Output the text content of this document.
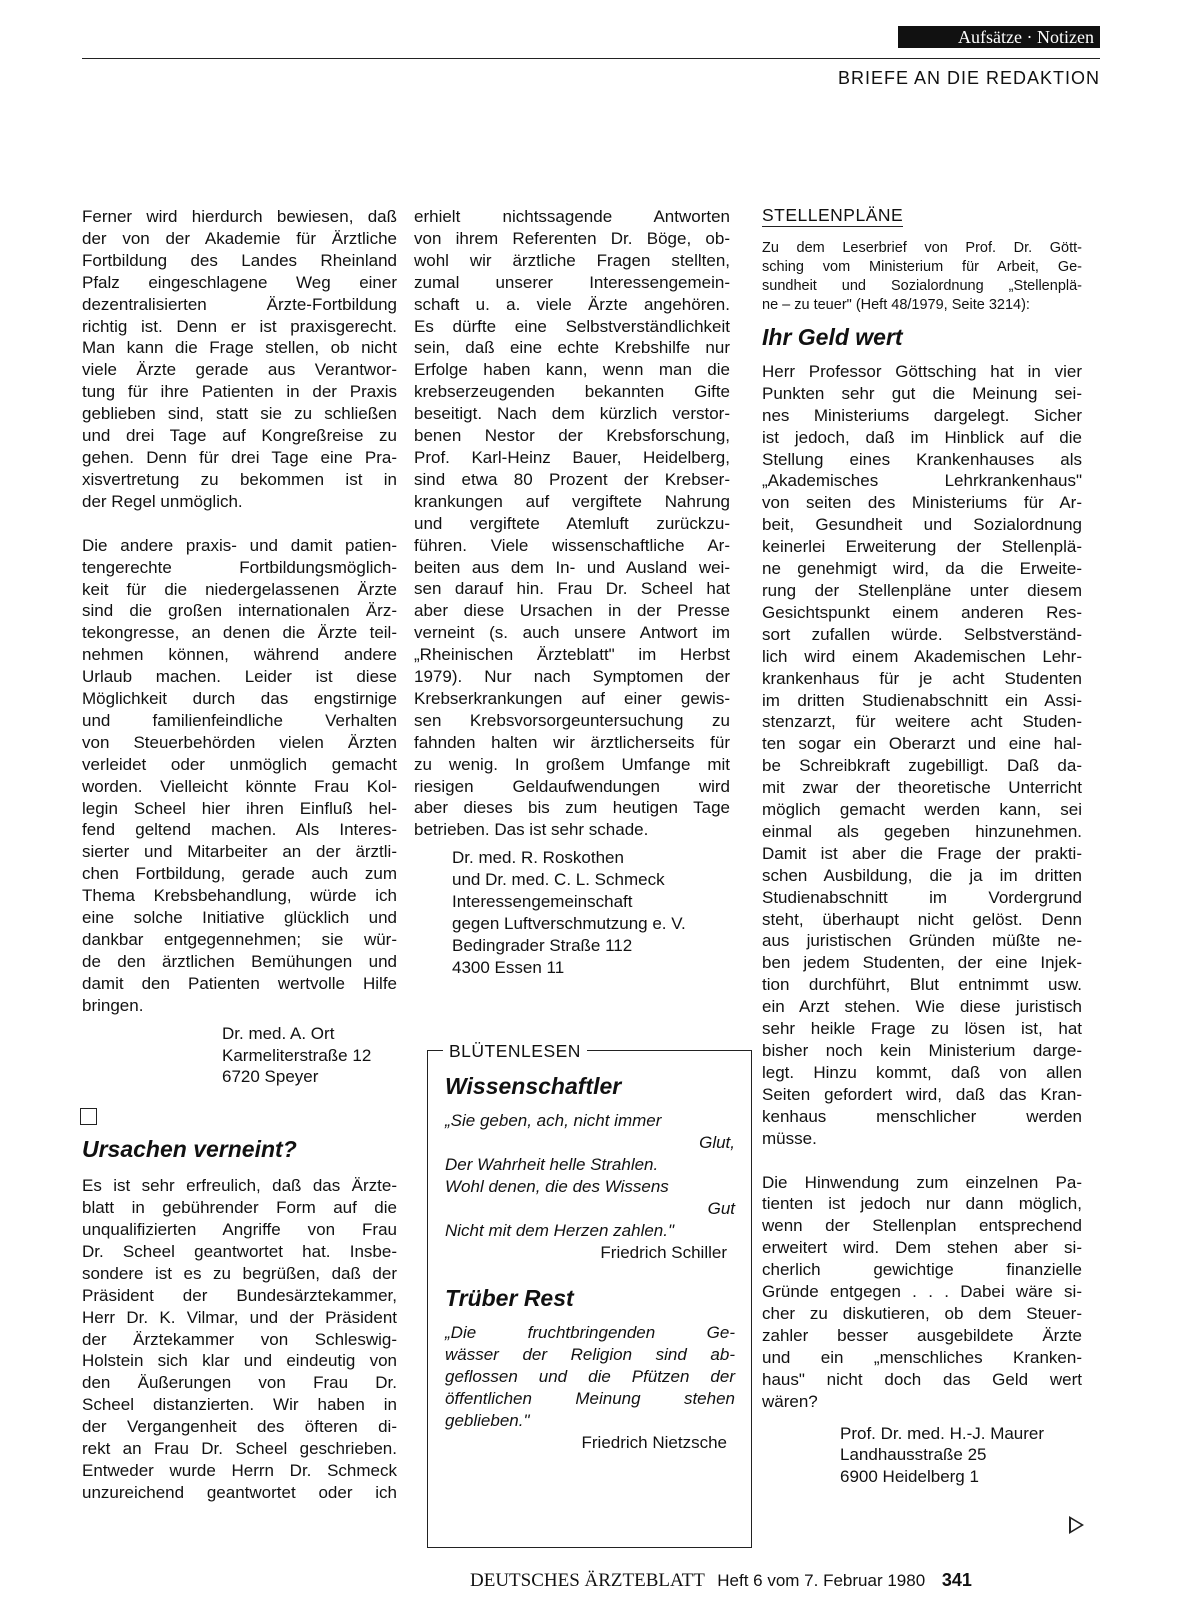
Aufsätze · Notizen
BRIEFE AN DIE REDAKTION
Ferner wird hierdurch bewiesen, daß
der von der Akademie für Ärztliche
Fortbildung des Landes Rheinland
Pfalz eingeschlagene Weg einer
dezentralisierten Ärzte-Fortbildung
richtig ist. Denn er ist praxisgerecht.
Man kann die Frage stellen, ob nicht
viele Ärzte gerade aus Verantwor-
tung für ihre Patienten in der Praxis
geblieben sind, statt sie zu schließen
und drei Tage auf Kongreßreise zu
gehen. Denn für drei Tage eine Pra-
xisvertretung zu bekommen ist in
der Regel unmöglich.
Die andere praxis- und damit patien-
tengerechte Fortbildungsmöglich-
keit für die niedergelassenen Ärzte
sind die großen internationalen Ärz-
tekongresse, an denen die Ärzte teil-
nehmen können, während andere
Urlaub machen. Leider ist diese
Möglichkeit durch das engstirnige
und familienfeindliche Verhalten
von Steuerbehörden vielen Ärzten
verleidet oder unmöglich gemacht
worden. Vielleicht könnte Frau Kol-
legin Scheel hier ihren Einfluß hel-
fend geltend machen. Als Interes-
sierter und Mitarbeiter an der ärztli-
chen Fortbildung, gerade auch zum
Thema Krebsbehandlung, würde ich
eine solche Initiative glücklich und
dankbar entgegennehmen; sie wür-
de den ärztlichen Bemühungen und
damit den Patienten wertvolle Hilfe
bringen.
Dr. med. A. Ort
Karmeliterstraße 12
6720 Speyer

Ursachen verneint?

Es ist sehr erfreulich, daß das Ärzte-
blatt in gebührender Form auf die
unqualifizierten Angriffe von Frau
Dr. Scheel geantwortet hat. Insbe-
sondere ist es zu begrüßen, daß der
Präsident der Bundesärztekammer,
Herr Dr. K. Vilmar, und der Präsident
der Ärztekammer von Schleswig-
Holstein sich klar und eindeutig von
den Äußerungen von Frau Dr.
Scheel distanzierten. Wir haben in
der Vergangenheit des öfteren di-
rekt an Frau Dr. Scheel geschrieben.
Entweder wurde Herrn Dr. Schmeck
unzureichend geantwortet oder ich
erhielt nichtssagende Antworten
von ihrem Referenten Dr. Böge, ob-
wohl wir ärztliche Fragen stellten,
zumal unserer Interessengemein-
schaft u. a. viele Ärzte angehören.
Es dürfte eine Selbstverständlichkeit
sein, daß eine echte Krebshilfe nur
Erfolge haben kann, wenn man die
krebserzeugenden bekannten Gifte
beseitigt. Nach dem kürzlich verstor-
benen Nestor der Krebsforschung,
Prof. Karl-Heinz Bauer, Heidelberg,
sind etwa 80 Prozent der Krebser-
krankungen auf vergiftete Nahrung
und vergiftete Atemluft zurückzu-
führen. Viele wissenschaftliche Ar-
beiten aus dem In- und Ausland wei-
sen darauf hin. Frau Dr. Scheel hat
aber diese Ursachen in der Presse
verneint (s. auch unsere Antwort im
„Rheinischen Ärzteblatt" im Herbst
1979). Nur nach Symptomen der
Krebserkrankungen auf einer gewis-
sen Krebsvorsorgeuntersuchung zu
fahnden halten wir ärztlicherseits für
zu wenig. In großem Umfange mit
riesigen Geldaufwendungen wird
aber dieses bis zum heutigen Tage
betrieben. Das ist sehr schade.
Dr. med. R. Roskothen
und Dr. med. C. L. Schmeck
Interessengemeinschaft
gegen Luftverschmutzung e. V.
Bedingrader Straße 112
4300 Essen 11
BLÜTENLESEN

Wissenschaftler

„Sie geben, ach, nicht immer
Glut,
Der Wahrheit helle Strahlen.
Wohl denen, die des Wissens
Gut
Nicht mit dem Herzen zahlen."
Friedrich Schiller

Trüber Rest

„Die fruchtbringenden Ge-
wässer der Religion sind ab-
geflossen und die Pfützen der
öffentlichen Meinung stehen
geblieben."
Friedrich Nietzsche
STELLENPLÄNE
Zu dem Leserbrief von Prof. Dr. Gött-
sching vom Ministerium für Arbeit, Ge-
sundheit und Sozialordnung „Stellenplä-
ne – zu teuer" (Heft 48/1979, Seite 3214):

Ihr Geld wert

Herr Professor Göttsching hat in vier
Punkten sehr gut die Meinung sei-
nes Ministeriums dargelegt. Sicher
ist jedoch, daß im Hinblick auf die
Stellung eines Krankenhauses als
„Akademisches Lehrkrankenhaus"
von seiten des Ministeriums für Ar-
beit, Gesundheit und Sozialordnung
keinerlei Erweiterung der Stellenplä-
ne genehmigt wird, da die Erweite-
rung der Stellenpläne unter diesem
Gesichtspunkt einem anderen Res-
sort zufallen würde. Selbstverständ-
lich wird einem Akademischen Lehr-
krankenhaus für je acht Studenten
im dritten Studienabschnitt ein Assi-
stenzarzt, für weitere acht Studen-
ten sogar ein Oberarzt und eine hal-
be Schreibkraft zugebilligt. Daß da-
mit zwar der theoretische Unterricht
möglich gemacht werden kann, sei
einmal als gegeben hinzunehmen.
Damit ist aber die Frage der prakti-
schen Ausbildung, die ja im dritten
Studienabschnitt im Vordergrund
steht, überhaupt nicht gelöst. Denn
aus juristischen Gründen müßte ne-
ben jedem Studenten, der eine Injek-
tion durchführt, Blut entnimmt usw.
ein Arzt stehen. Wie diese juristisch
sehr heikle Frage zu lösen ist, hat
bisher noch kein Ministerium darge-
legt. Hinzu kommt, daß von allen
Seiten gefordert wird, daß das Kran-
kenhaus menschlicher werden
müsse.
Die Hinwendung zum einzelnen Pa-
tienten ist jedoch nur dann möglich,
wenn der Stellenplan entsprechend
erweitert wird. Dem stehen aber si-
cherlich gewichtige finanzielle
Gründe entgegen . . . Dabei wäre si-
cher zu diskutieren, ob dem Steuer-
zahler besser ausgebildete Ärzte
und ein „menschliches Kranken-
haus" nicht doch das Geld wert
wären?
Prof. Dr. med. H.-J. Maurer
Landhausstraße 25
6900 Heidelberg 1
DEUTSCHES ÄRZTEBLATT Heft 6 vom 7. Februar 1980 341
